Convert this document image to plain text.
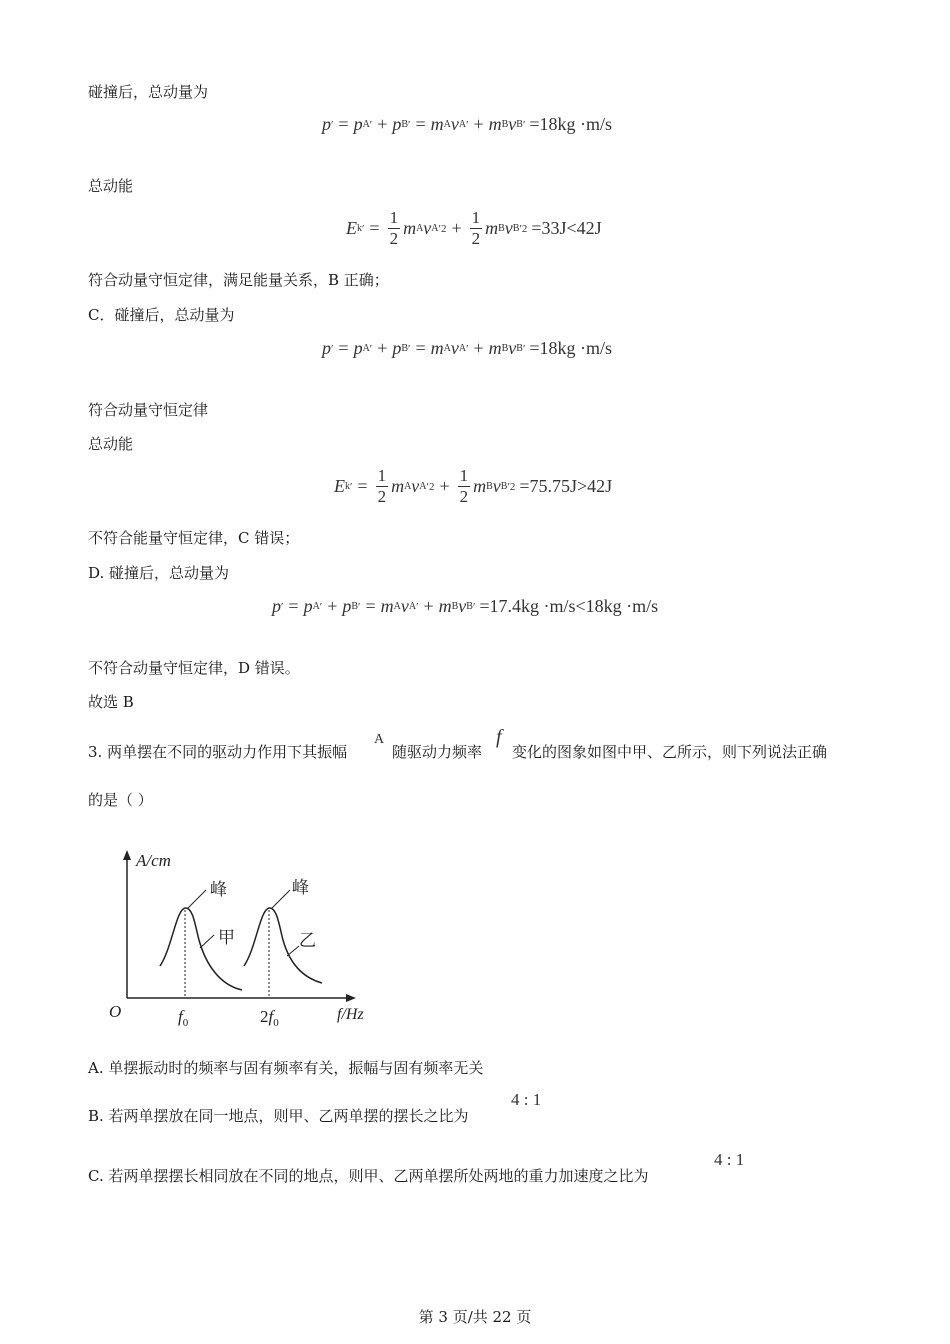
碰撞后，总动量为
p ′ = p A ′ + p B ′ = m A v A ′ + m B v B ′ =18kg ·m/s
总动能
E k ′ = $\frac{1}{2}$ m A v A $'2 + \frac{1}{2}$ m B v B ′2 =33J<42J
符合动量守恒定律，满足能量关系，B 正确；
C．碰撞后，总动量为
p ′ = p A ′ + p B ′ = m A v A ′ + m B v B ′ =18kg ·m/s
符合动量守恒定律
总动能
E k ′ = $\frac{1}{2}$ m A v A $'2 + \frac{1}{2}$ m B v B ′2 =75.75J>42J
不符合能量守恒定律，C 错误；
D. 碰撞后，总动量为
p ′ = p A ′ + p B ′ = m A v A ′ + m B v B ′ =17.4kg ·m/s<18kg ·m/s
不符合动量守恒定律，D 错误。
故选 B
3. 两单摆在不同的驱动力作用下其振幅
A
随驱动力频率
f
变化的图象如图中甲、乙所示，则下列说法正确
的是（ ）
A/cm
f/Hz
O
峰	峰
甲	乙
$f_0$	$2f_0$
A. 单摆振动时的频率与固有频率有关，振幅与固有频率无关
B. 若两单摆放在同一地点，则甲、乙两单摆的摆长之比为
4 : 1
C. 若两单摆摆长相同放在不同的地点，则甲、乙两单摆所处两地的重力加速度之比为
4 : 1
第 3 页/共 22 页
